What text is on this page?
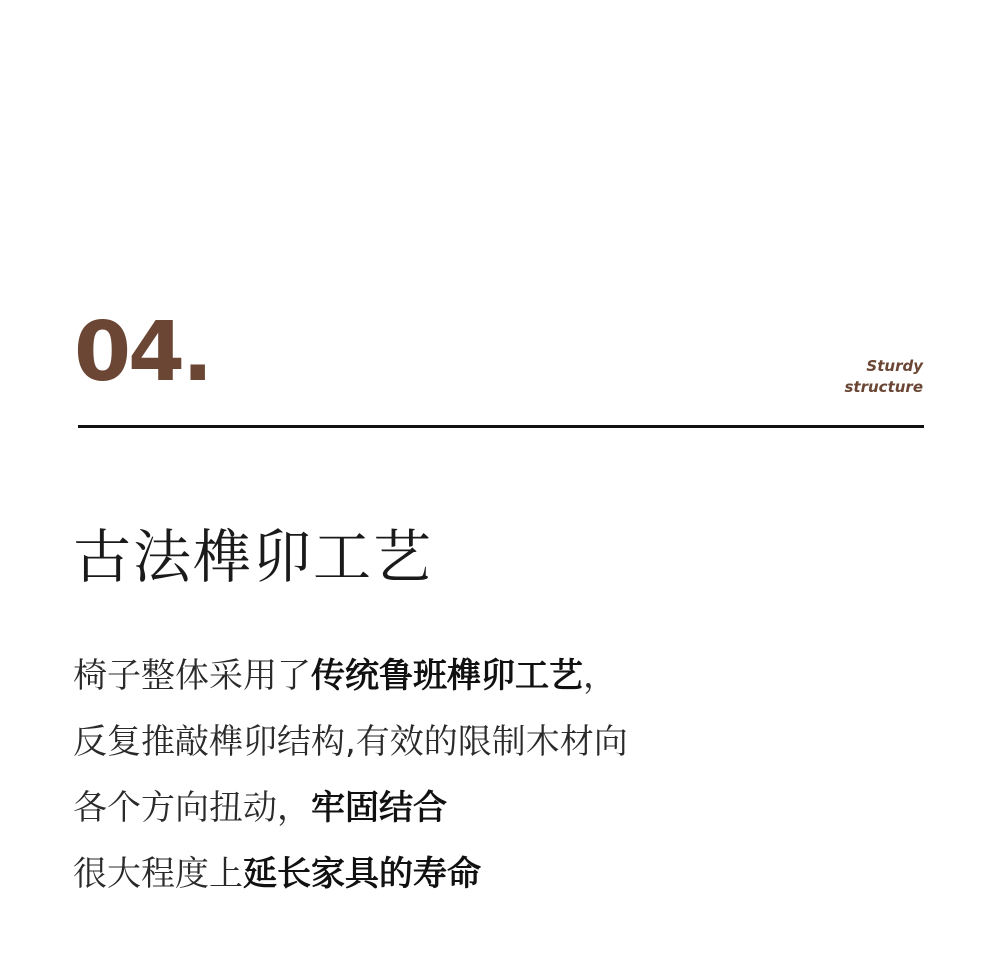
04.	Sturdy
structure
古法榫卯工艺
椅子整体采用了传统鲁班榫卯工艺，
反复推敲榫卯结构,有效的限制木材向
各个方向扭动，牢固结合
很大程度上延长家具的寿命
